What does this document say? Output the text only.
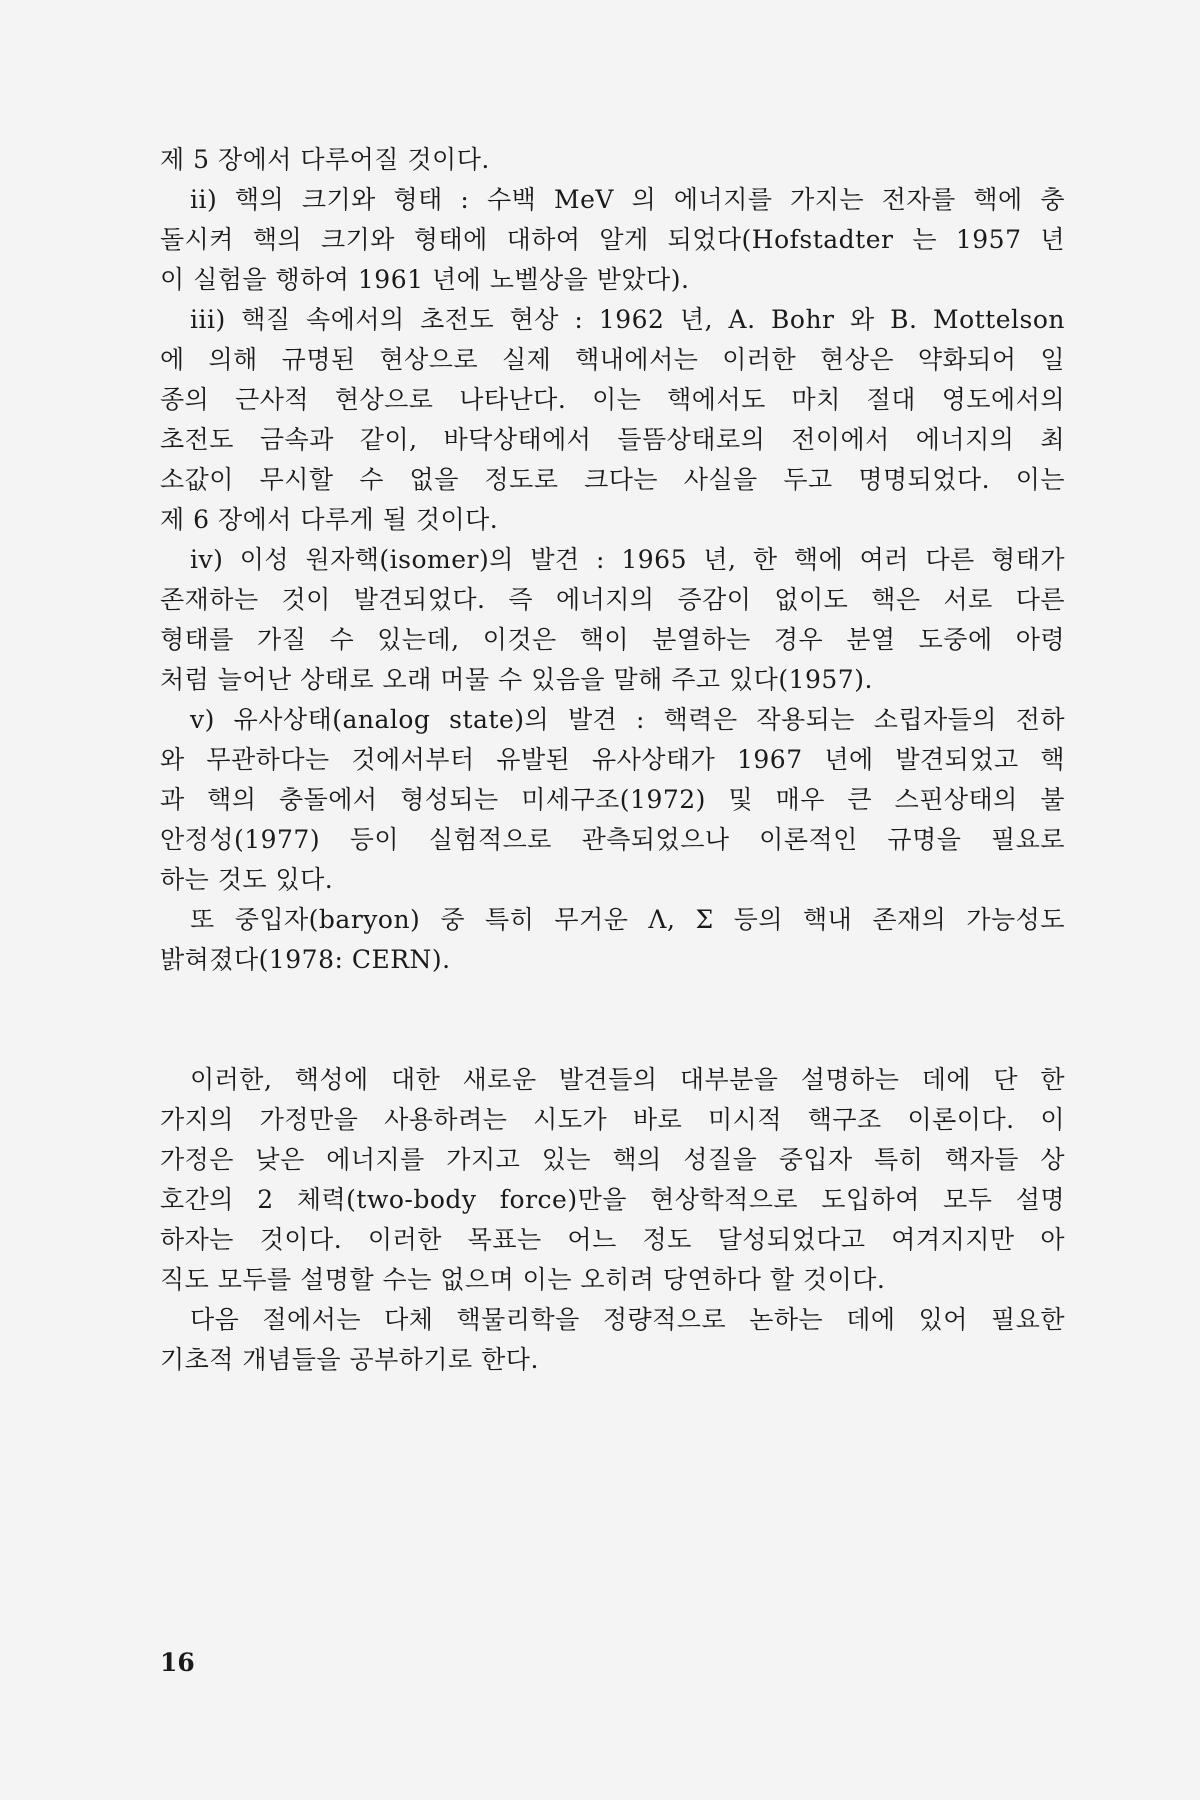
제 5 장에서 다루어질 것이다.
ii) 핵의 크기와 형태 : 수백 MeV 의 에너지를 가지는 전자를 핵에 충
돌시켜 핵의 크기와 형태에 대하여 알게 되었다(Hofstadter 는 1957 년
이 실험을 행하여 1961 년에 노벨상을 받았다).
iii) 핵질 속에서의 초전도 현상 : 1962 년, A. Bohr 와 B. Mottelson
에 의해 규명된 현상으로 실제 핵내에서는 이러한 현상은 약화되어 일
종의 근사적 현상으로 나타난다. 이는 핵에서도 마치 절대 영도에서의
초전도 금속과 같이, 바닥상태에서 들뜸상태로의 전이에서 에너지의 최
소값이 무시할 수 없을 정도로 크다는 사실을 두고 명명되었다. 이는
제 6 장에서 다루게 될 것이다.
iv) 이성 원자핵(isomer)의 발견 : 1965 년, 한 핵에 여러 다른 형태가
존재하는 것이 발견되었다. 즉 에너지의 증감이 없이도 핵은 서로 다른
형태를 가질 수 있는데, 이것은 핵이 분열하는 경우 분열 도중에 아령
처럼 늘어난 상태로 오래 머물 수 있음을 말해 주고 있다(1957).
v) 유사상태(analog state)의 발견 : 핵력은 작용되는 소립자들의 전하
와 무관하다는 것에서부터 유발된 유사상태가 1967 년에 발견되었고 핵
과 핵의 충돌에서 형성되는 미세구조(1972) 및 매우 큰 스핀상태의 불
안정성(1977) 등이 실험적으로 관측되었으나 이론적인 규명을 필요로
하는 것도 있다.
또 중입자(baryon) 중 특히 무거운 Λ, Σ 등의 핵내 존재의 가능성도
밝혀졌다(1978: CERN).
이러한, 핵성에 대한 새로운 발견들의 대부분을 설명하는 데에 단 한
가지의 가정만을 사용하려는 시도가 바로 미시적 핵구조 이론이다. 이
가정은 낮은 에너지를 가지고 있는 핵의 성질을 중입자 특히 핵자들 상
호간의 2 체력(two-body force)만을 현상학적으로 도입하여 모두 설명
하자는 것이다. 이러한 목표는 어느 정도 달성되었다고 여겨지지만 아
직도 모두를 설명할 수는 없으며 이는 오히려 당연하다 할 것이다.
다음 절에서는 다체 핵물리학을 정량적으로 논하는 데에 있어 필요한
기초적 개념들을 공부하기로 한다.
16
